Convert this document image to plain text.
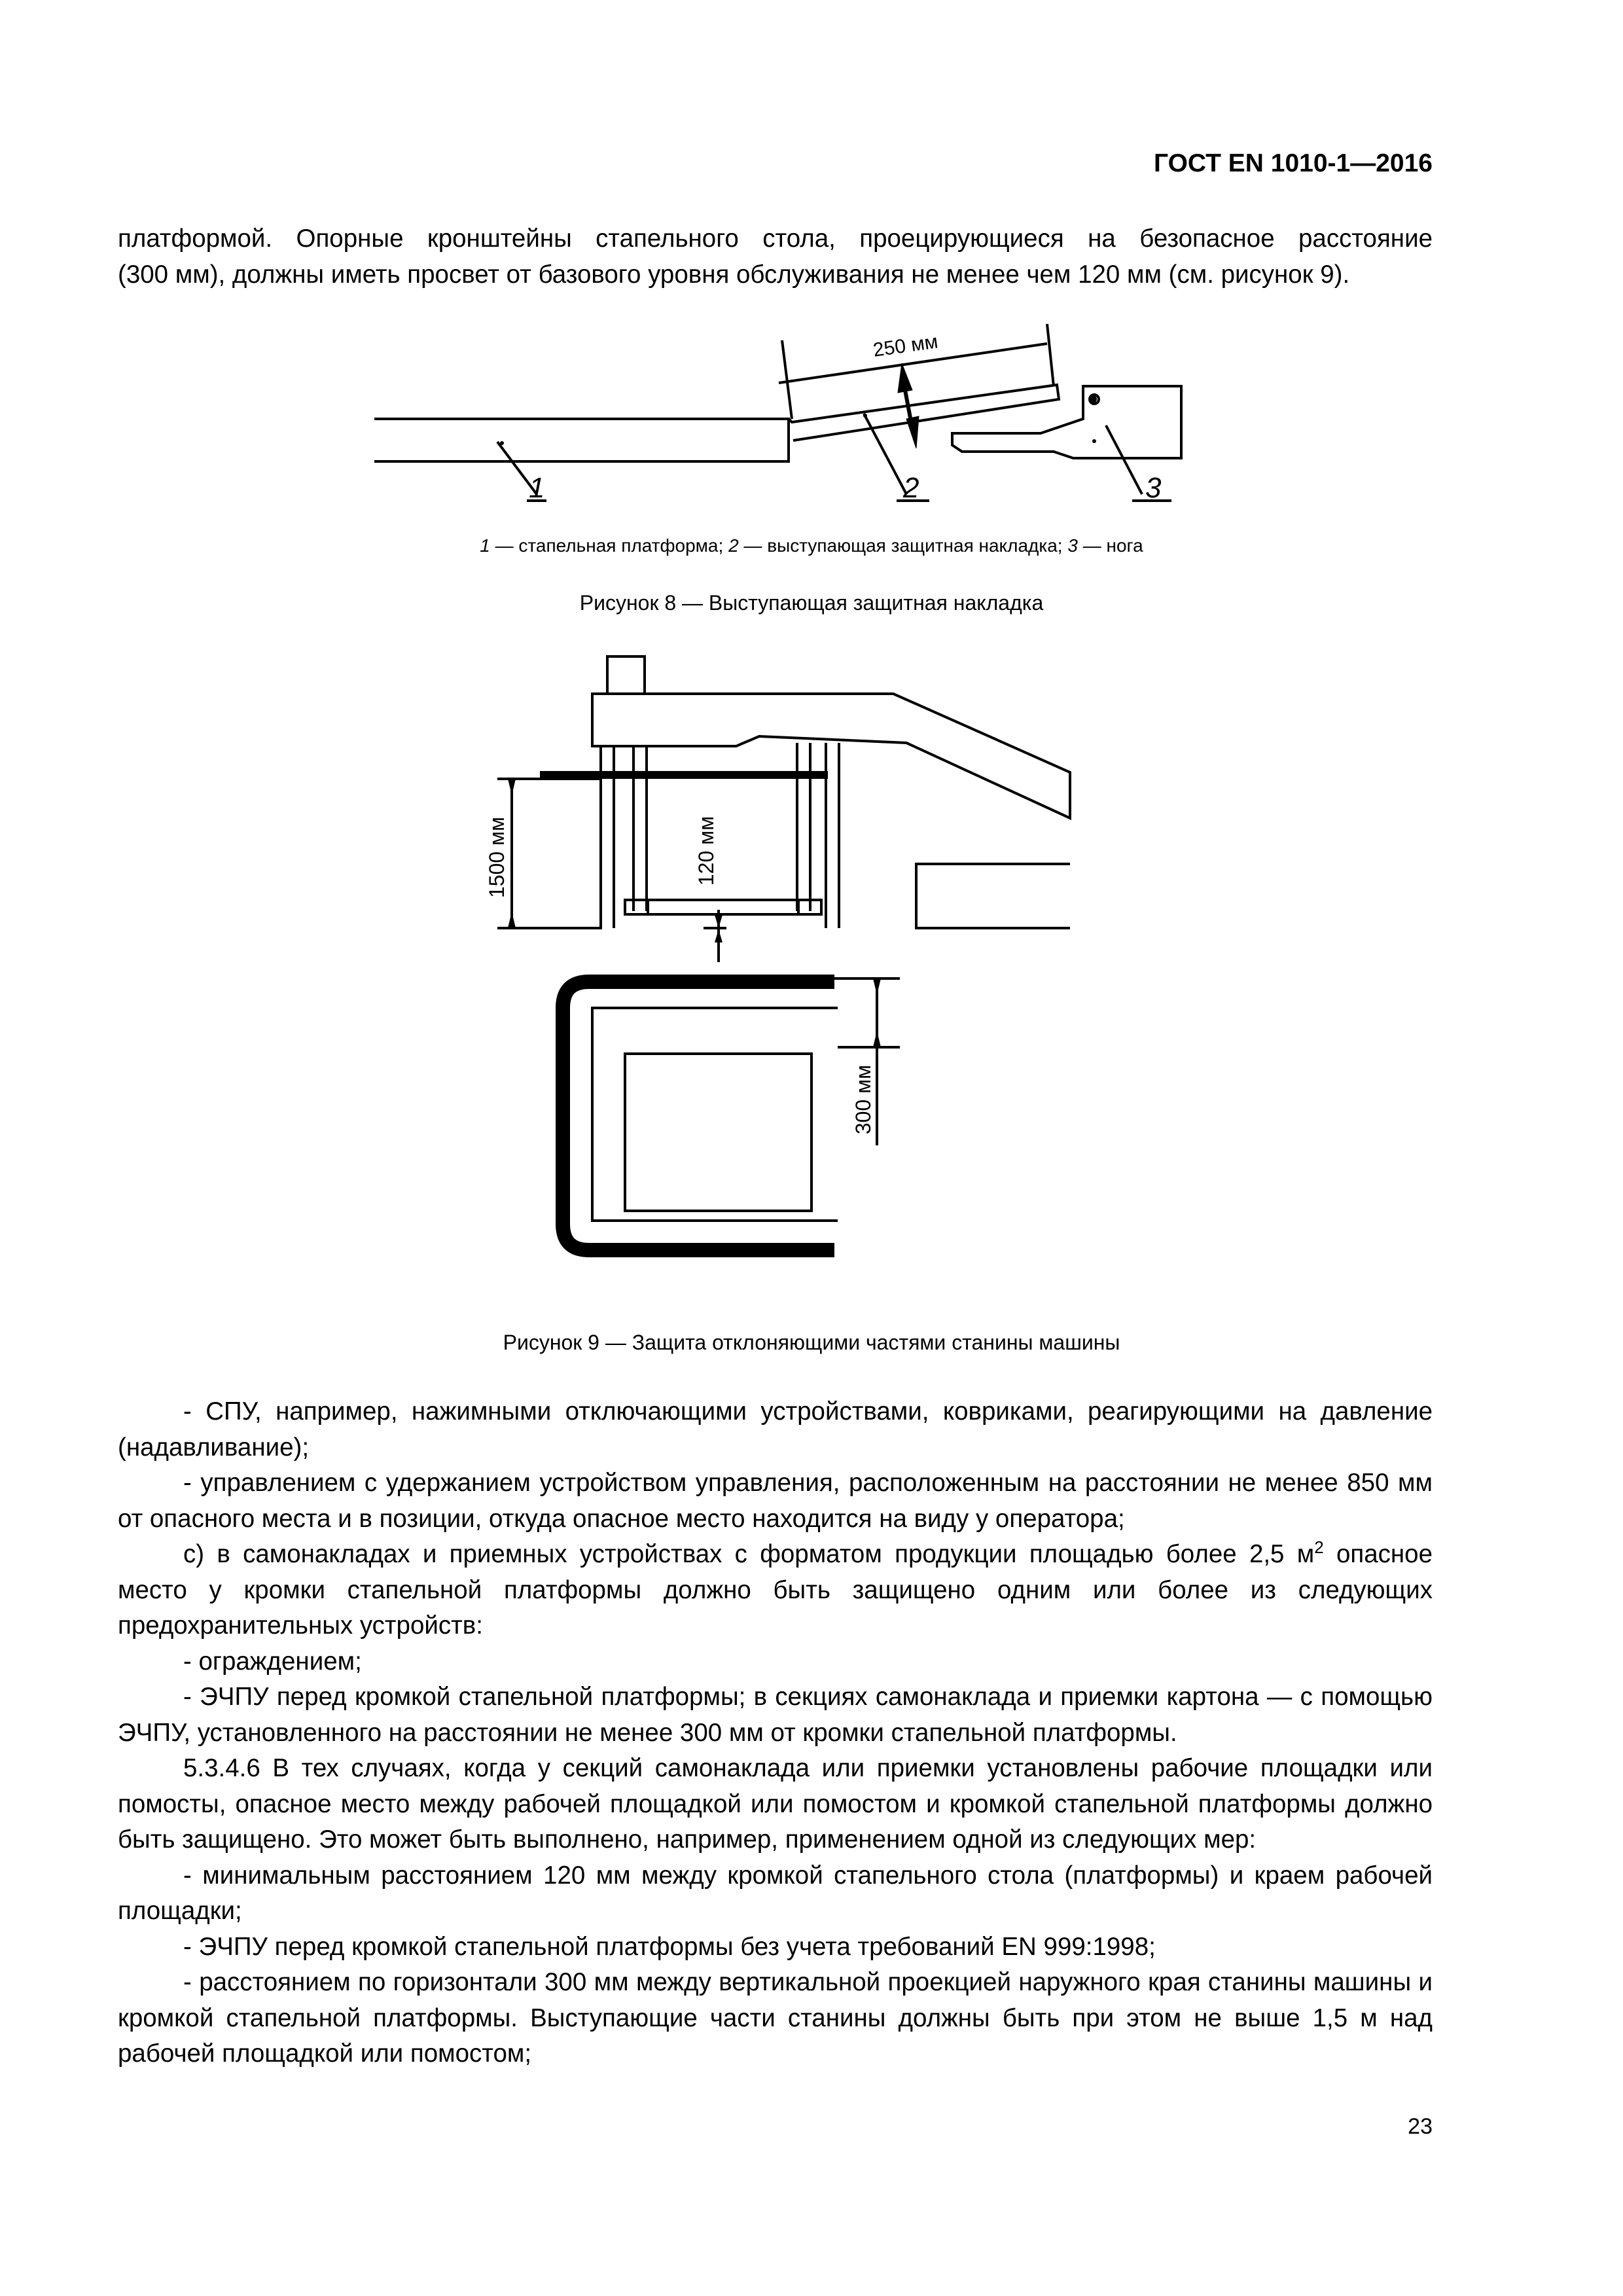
ГОСТ EN 1010-1—2016

платформой. Опорные кронштейны стапельного стола, проецирующиеся на безопасное расстояние

(300 мм), должны иметь просвет от базового уровня обслуживания не менее чем 120 мм (см. рисунок 9).

250 мм
1	2	3
1 — стапельная платформа; 2 — выступающая защитная накладка; 3 — нога
Рисунок 8 — Выступающая защитная накладка
1500 мм	120 мм
300 мм
Рисунок 9 — Защита отклоняющими частями станины машины

- СПУ, например, нажимными отключающими устройствами, ковриками, реагирующими на давление (надавливание);

- управлением с удержанием устройством управления, расположенным на расстоянии не менее 850 мм от опасного места и в позиции, откуда опасное место находится на виду у оператора;

с) в самонакладах и приемных устройствах с форматом продукции площадью более 2,5 $м^2$ опасное место у кромки стапельной платформы должно быть защищено одним или более из следующих предохранительных устройств:

- ограждением;

- ЭЧПУ перед кромкой стапельной платформы; в секциях самонаклада и приемки картона — с помощью ЭЧПУ, установленного на расстоянии не менее 300 мм от кромки стапельной платформы.

5.3.4.6 В тех случаях, когда у секций самонаклада или приемки установлены рабочие площадки или помосты, опасное место между рабочей площадкой или помостом и кромкой стапельной платформы должно быть защищено. Это может быть выполнено, например, применением одной из следующих мер:

- минимальным расстоянием 120 мм между кромкой стапельного стола (платформы) и краем рабочей площадки;

- ЭЧПУ перед кромкой стапельной платформы без учета требований EN 999:1998;

- расстоянием по горизонтали 300 мм между вертикальной проекцией наружного края станины машины и кромкой стапельной платформы. Выступающие части станины должны быть при этом не выше 1,5 м над рабочей площадкой или помостом;

23
